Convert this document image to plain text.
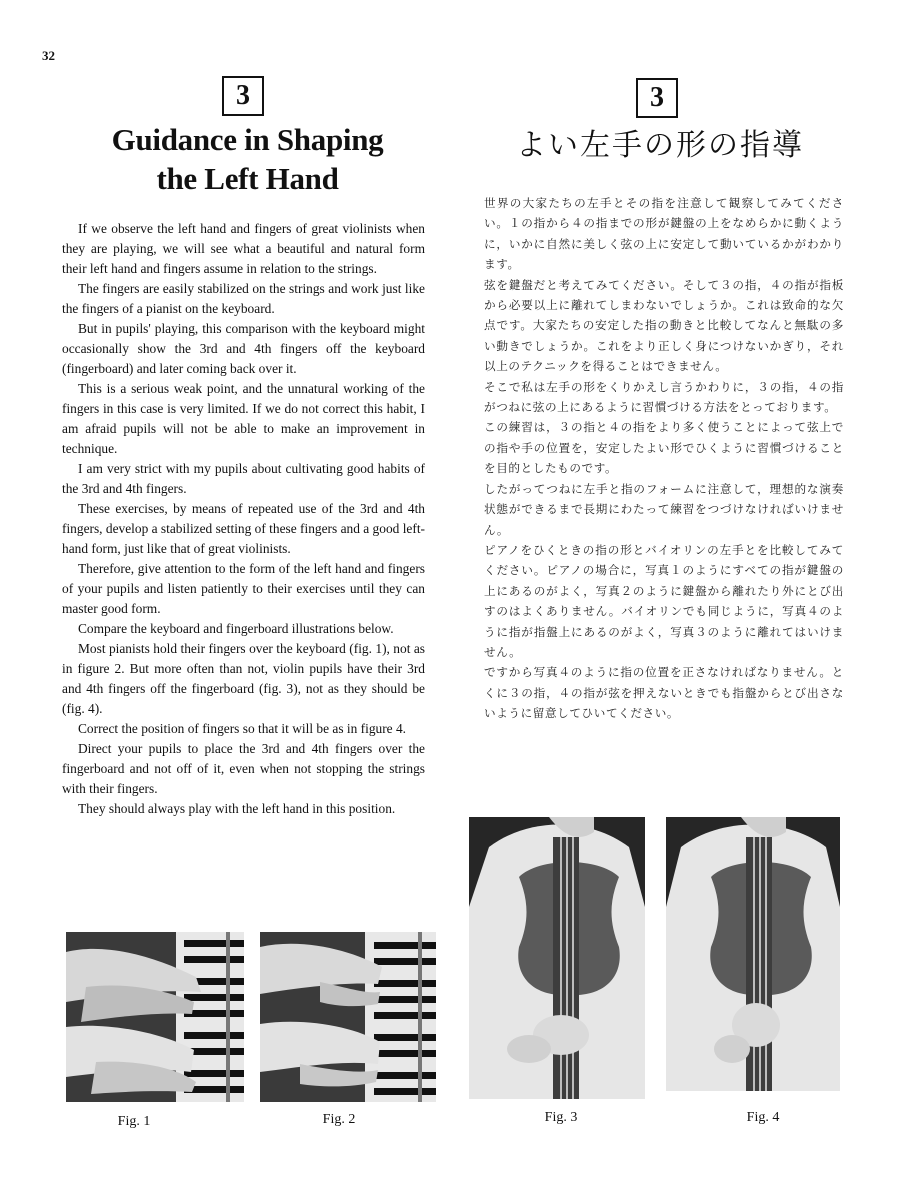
32
3
Guidance in Shaping
the Left Hand
3
よい左手の形の指導

If we observe the left hand and fingers of great violinists when they are playing, we will see what a beautiful and natural form their left hand and fingers assume in relation to the strings.

The fingers are easily stabilized on the strings and work just like the fingers of a pianist on the keyboard.

But in pupils' playing, this comparison with the keyboard might occasionally show the 3rd and 4th fingers off the keyboard (fingerboard) and later coming back over it.

This is a serious weak point, and the unnatural working of the fingers in this case is very limited. If we do not correct this habit, I am afraid pupils will not be able to make an improvement in technique.

I am very strict with my pupils about cultivating good habits of the 3rd and 4th fingers.

These exercises, by means of repeated use of the 3rd and 4th fingers, develop a stabilized setting of these fingers and a good left-hand form, just like that of great violinists.

Therefore, give attention to the form of the left hand and fingers of your pupils and listen patiently to their exercises until they can master good form.

Compare the keyboard and fingerboard illustrations below.

Most pianists hold their fingers over the keyboard (fig. 1), not as in figure 2. But more often than not, violin pupils have their 3rd and 4th fingers off the fingerboard (fig. 3), not as they should be (fig. 4).

Correct the position of fingers so that it will be as in figure 4.

Direct your pupils to place the 3rd and 4th fingers over the fingerboard and not off of it, even when not stopping the strings with their fingers.

They should always play with the left hand in this position.

世界の大家たちの左手とその指を注意して観察してみてください。１の指から４の指までの形が鍵盤の上をなめらかに動くように，いかに自然に美しく弦の上に安定して動いているかがわかります。

弦を鍵盤だと考えてみてください。そして３の指，４の指が指板から必要以上に離れてしまわないでしょうか。これは致命的な欠点です。大家たちの安定した指の動きと比較してなんと無駄の多い動きでしょうか。これをより正しく身につけないかぎり，それ以上のテクニックを得ることはできません。

そこで私は左手の形をくりかえし言うかわりに，３の指，４の指がつねに弦の上にあるように習慣づける方法をとっております。

この練習は，３の指と４の指をより多く使うことによって弦上での指や手の位置を，安定したよい形でひくように習慣づけることを目的としたものです。

したがってつねに左手と指のフォームに注意して，理想的な演奏状態ができるまで長期にわたって練習をつづけなければいけません。

ピアノをひくときの指の形とバイオリンの左手とを比較してみてください。ピアノの場合に，写真１のようにすべての指が鍵盤の上にあるのがよく，写真２のように鍵盤から離れたり外にとび出すのはよくありません。バイオリンでも同じように，写真４のように指が指盤上にあるのがよく，写真３のように離れてはいけません。

ですから写真４のように指の位置を正さなければなりません。とくに３の指，４の指が弦を押えないときでも指盤からとび出さないように留意してひいてください。

Fig. 1	Fig. 2	Fig. 3	Fig. 4
